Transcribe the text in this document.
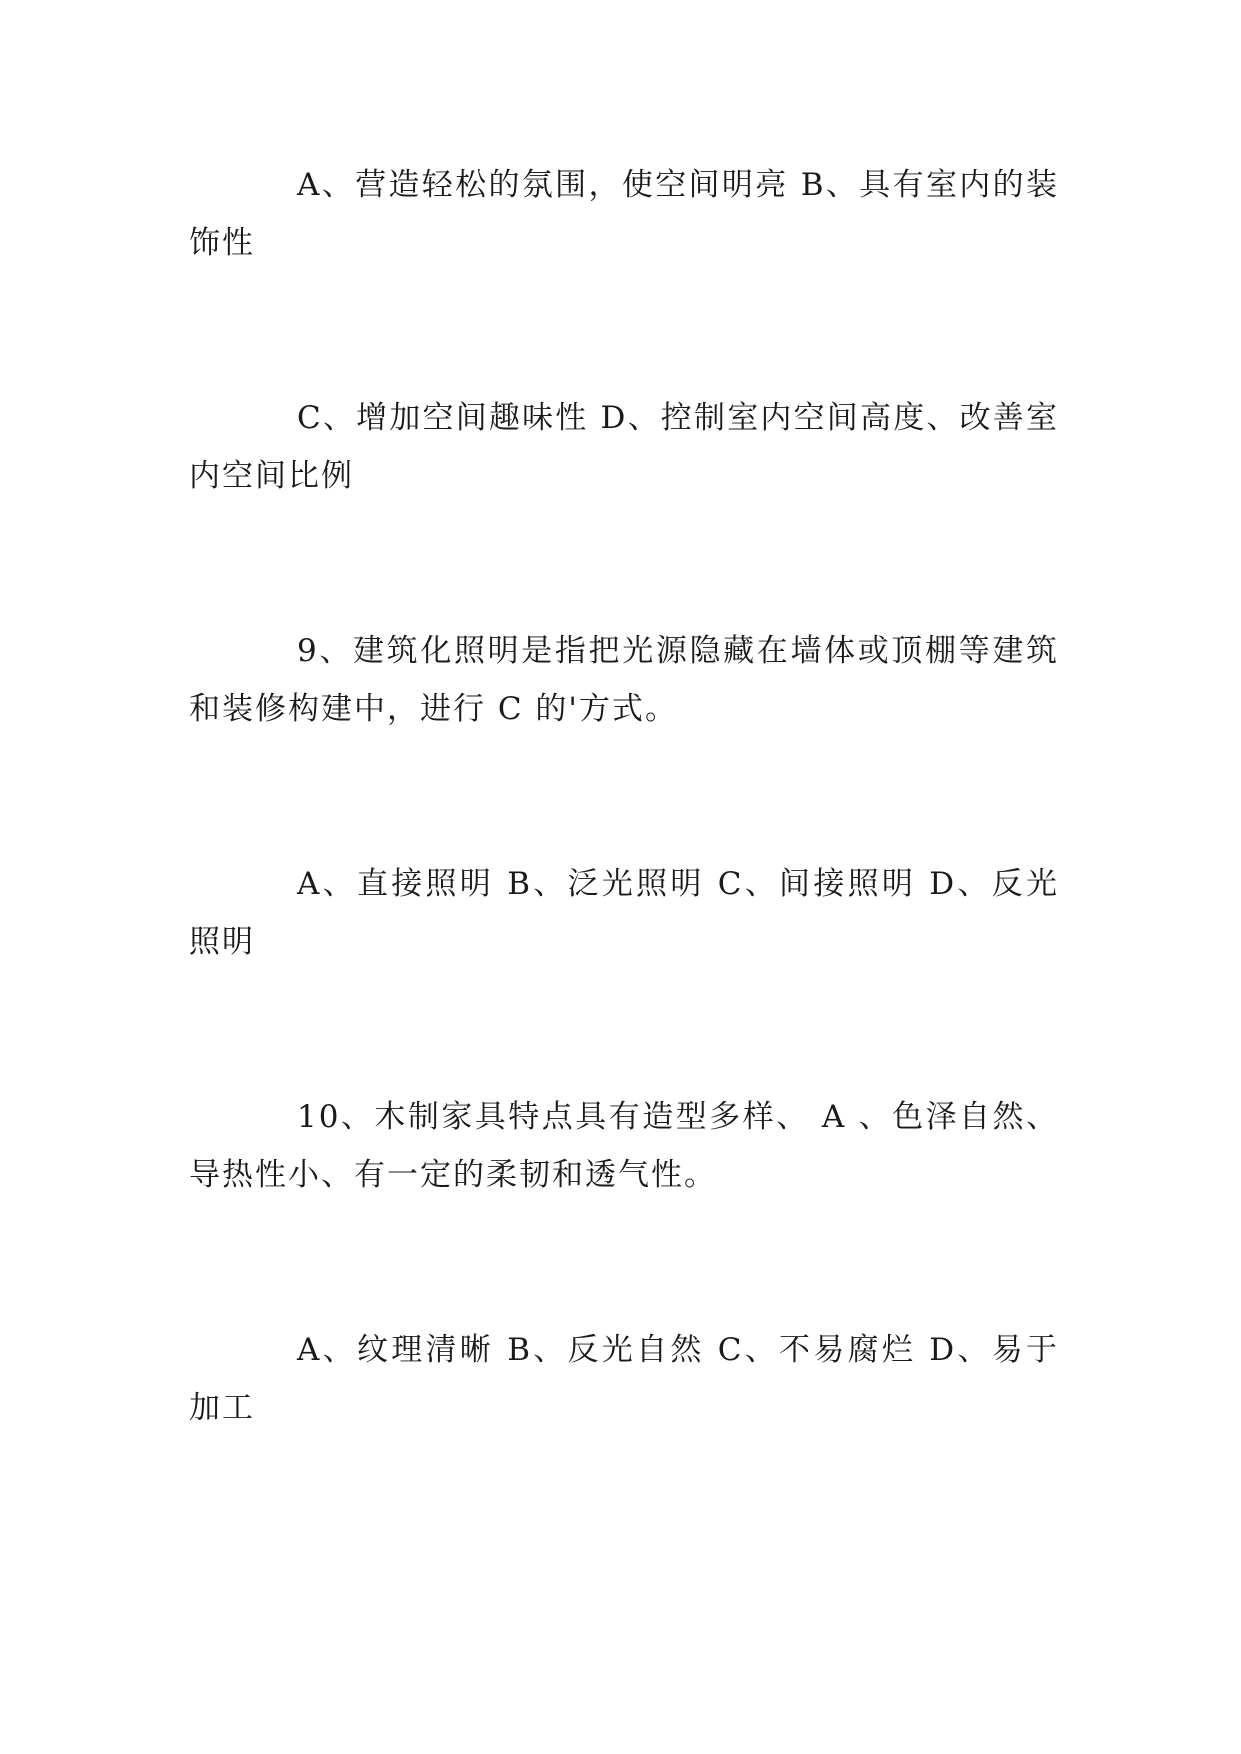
A、营造轻松的氛围，使空间明亮 B、具有室内的装饰性

C、增加空间趣味性 D、控制室内空间高度、改善室内空间比例

9、建筑化照明是指把光源隐藏在墙体或顶棚等建筑和装修构建中，进行 C 的'方式。

A、直接照明 B、泛光照明 C、间接照明 D、反光照明

10、木制家具特点具有造型多样、 A 、色泽自然、导热性小、有一定的柔韧和透气性。

A、纹理清晰 B、反光自然 C、不易腐烂 D、易于加工
